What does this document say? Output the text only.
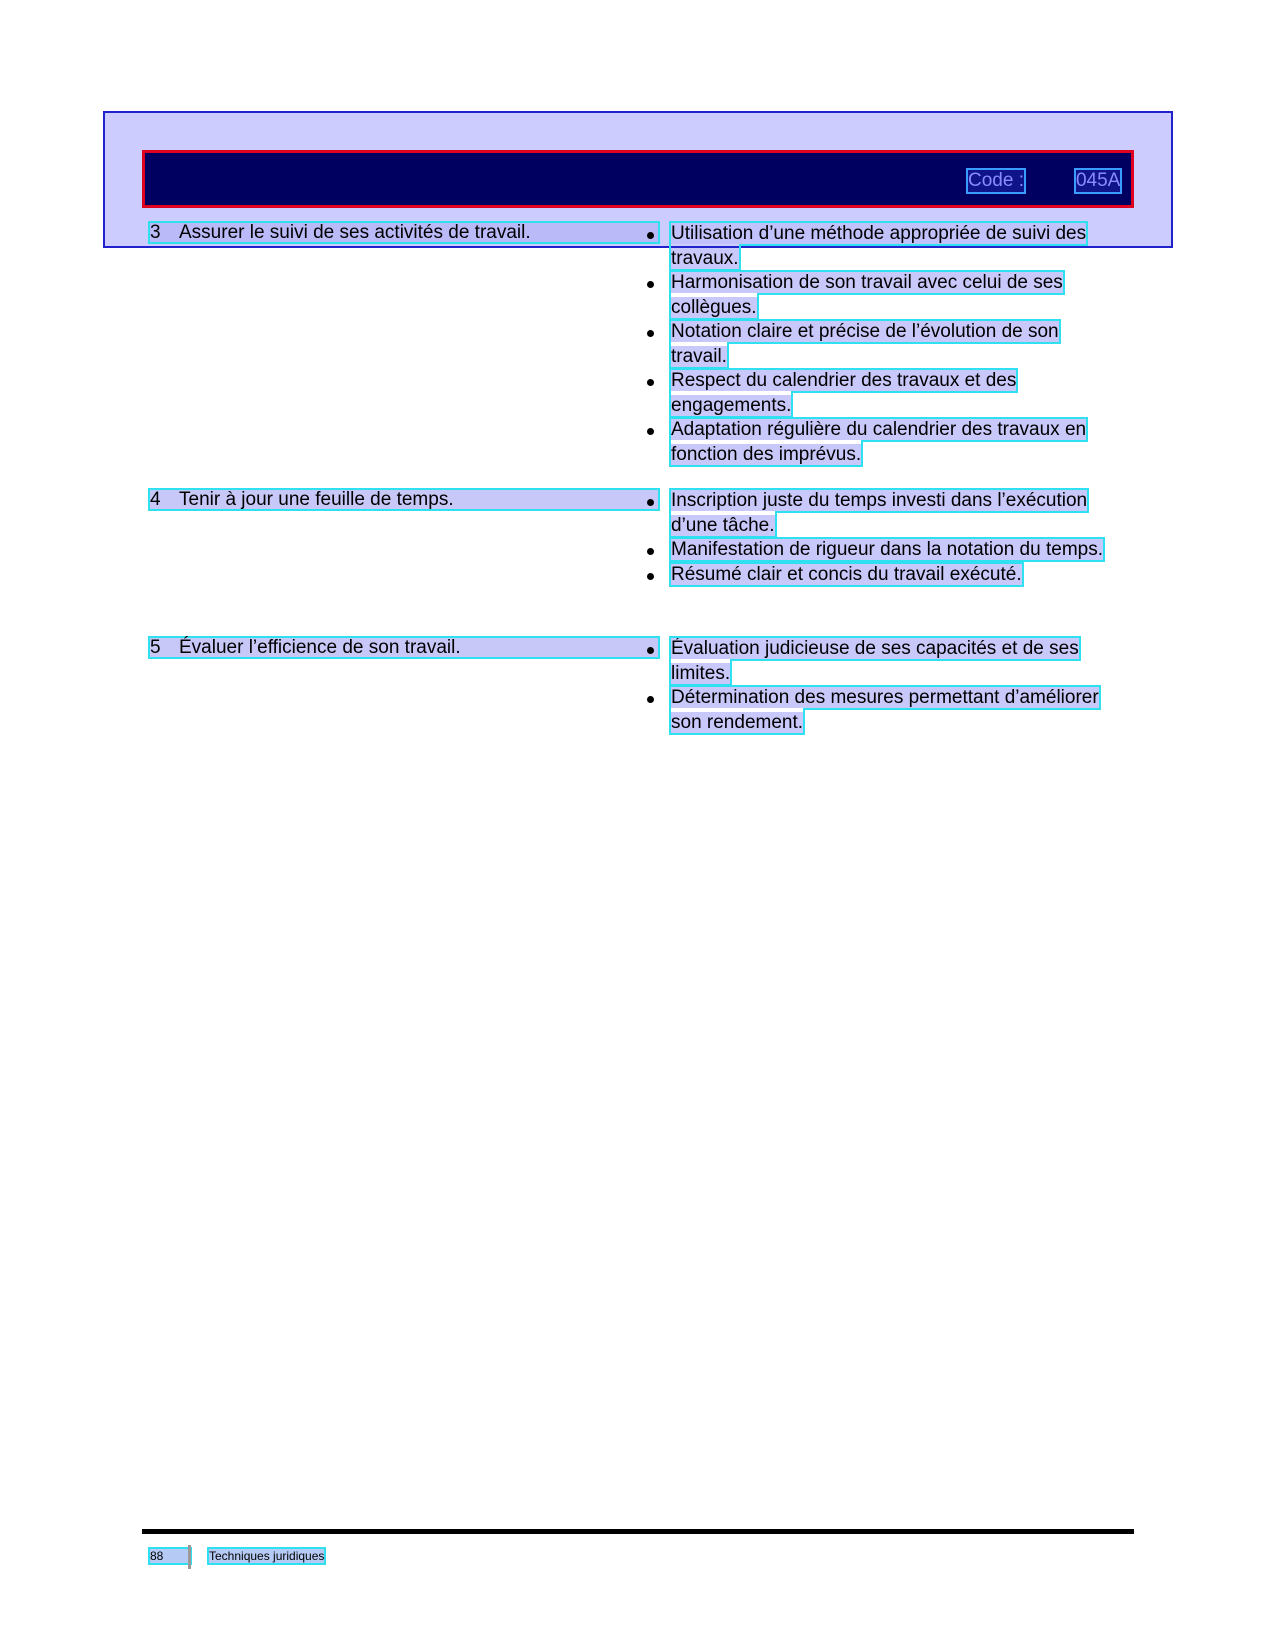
Code :	045A
3 Assurer le suivi de ses activités de travail.	Utilisation d’une méthode appropriée de suivi des travaux.
Harmonisation de son travail avec celui de ses collègues.
Notation claire et précise de l’évolution de son travail.
Respect du calendrier des travaux et des engagements.
Adaptation régulière du calendrier des travaux en fonction des imprévus.
4 Tenir à jour une feuille de temps.	Inscription juste du temps investi dans l’exécution d’une tâche.
Manifestation de rigueur dans la notation du temps.
Résumé clair et concis du travail exécuté.
5 Évaluer l’efficience de son travail.	Évaluation judicieuse de ses capacités et de ses limites.
Détermination des mesures permettant d’améliorer son rendement.
88	Techniques juridiques
